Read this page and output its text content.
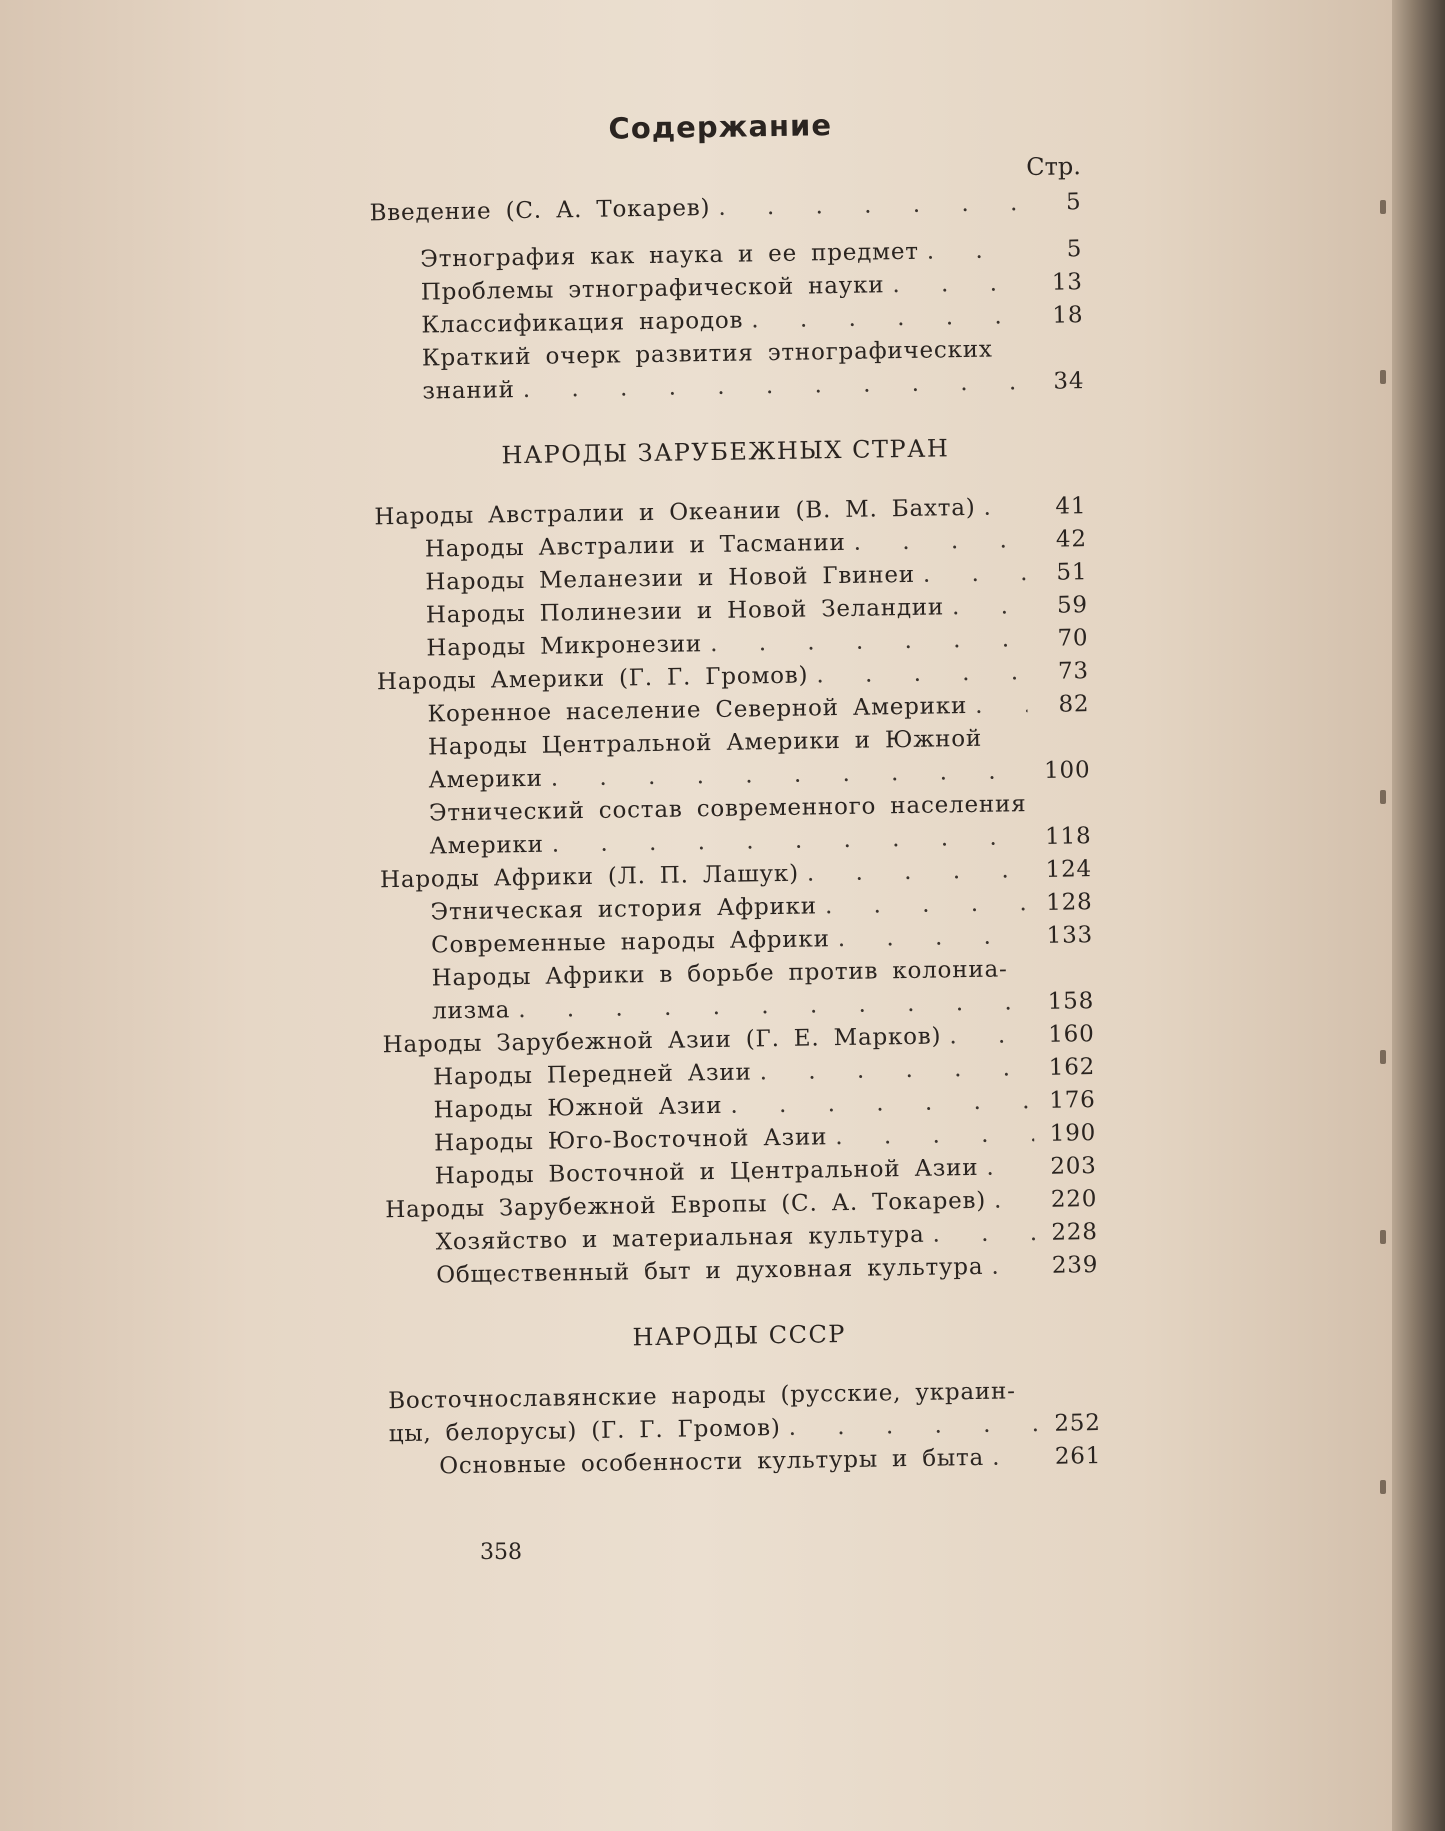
Содержание
Стр.
Введение (С. А. Токарев) . . .	5
Этнография как наука и ее предмет . . .	5
Проблемы этнографической науки . . .	13
Классификация народов . . .	18
Краткий очерк развития этнографических
знаний . . .	34
НАРОДЫ ЗАРУБЕЖНЫХ СТРАН
Народы Австралии и Океании (В. М. Бахта) . . .	41
Народы Австралии и Тасмании . . .	42
Народы Меланезии и Новой Гвинеи . . .	51
Народы Полинезии и Новой Зеландии . . .	59
Народы Микронезии . . .	70
Народы Америки (Г. Г. Громов) . . .	73
Коренное население Северной Америки . . .	82
Народы Центральной Америки и Южной
Америки . . .	100
Этнический состав современного населения
Америки . . .	118
Народы Африки (Л. П. Лашук) . . .	124
Этническая история Африки . . .	128
Современные народы Африки . . .	133
Народы Африки в борьбе против колониа-
лизма . . .	158
Народы Зарубежной Азии (Г. Е. Марков) . . .	160
Народы Передней Азии . . .	162
Народы Южной Азии . . .	176
Народы Юго-Восточной Азии . . .	190
Народы Восточной и Центральной Азии . . .	203
Народы Зарубежной Европы (С. А. Токарев) . . .	220
Хозяйство и материальная культура . . .	228
Общественный быт и духовная культура . . .	239
НАРОДЫ СССР
Восточнославянские народы (русские, украин-
цы, белорусы) (Г. Г. Громов) . . .	252
Основные особенности культуры и быта . . .	261
358
